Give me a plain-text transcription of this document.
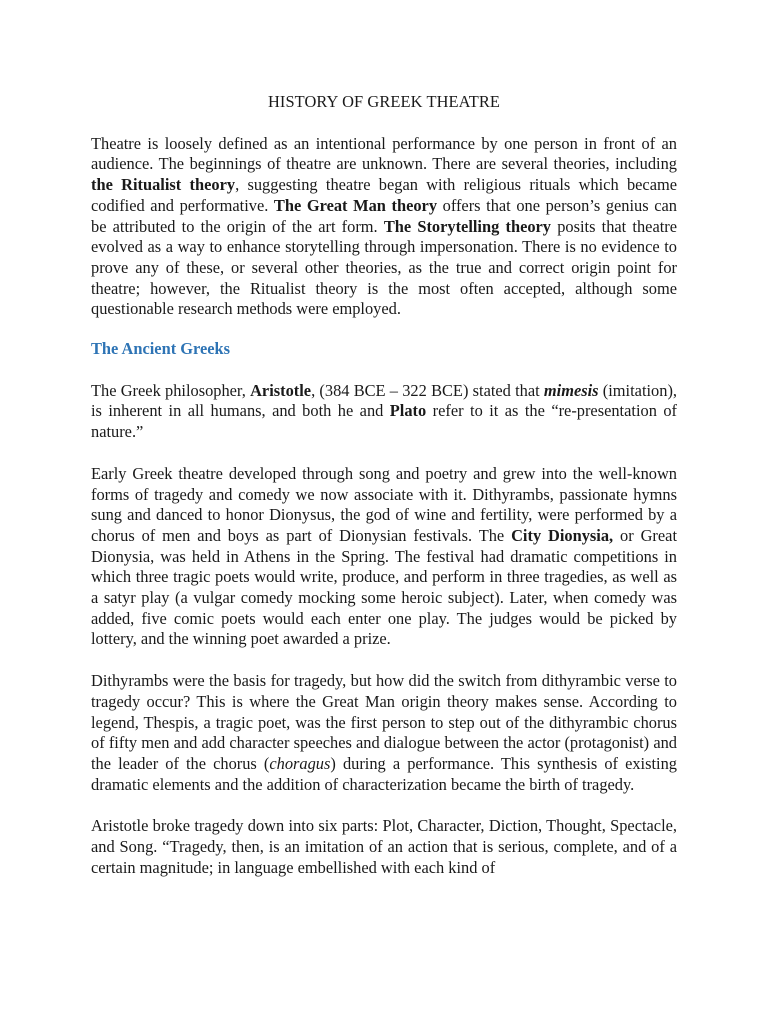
HISTORY OF GREEK THEATRE

Theatre is loosely defined as an intentional performance by one person in front of an audience. The beginnings of theatre are unknown. There are several theories, including the Ritualist theory, suggesting theatre began with religious rituals which became codified and performative. The Great Man theory offers that one person’s genius can be attributed to the origin of the art form. The Storytelling theory posits that theatre evolved as a way to enhance storytelling through impersonation. There is no evidence to prove any of these, or several other theories, as the true and correct origin point for theatre; however, the Ritualist theory is the most often accepted, although some questionable research methods were employed.

The Ancient Greeks

The Greek philosopher, Aristotle, (384 BCE – 322 BCE) stated that mimesis (imitation), is inherent in all humans, and both he and Plato refer to it as the “re-presentation of nature.”

Early Greek theatre developed through song and poetry and grew into the well-known forms of tragedy and comedy we now associate with it. Dithyrambs, passionate hymns sung and danced to honor Dionysus, the god of wine and fertility, were performed by a chorus of men and boys as part of Dionysian festivals. The City Dionysia, or Great Dionysia, was held in Athens in the Spring. The festival had dramatic competitions in which three tragic poets would write, produce, and perform in three tragedies, as well as a satyr play (a vulgar comedy mocking some heroic subject). Later, when comedy was added, five comic poets would each enter one play. The judges would be picked by lottery, and the winning poet awarded a prize.

Dithyrambs were the basis for tragedy, but how did the switch from dithyrambic verse to tragedy occur? This is where the Great Man origin theory makes sense. According to legend, Thespis, a tragic poet, was the first person to step out of the dithyrambic chorus of fifty men and add character speeches and dialogue between the actor (protagonist) and the leader of the chorus (choragus) during a performance. This synthesis of existing dramatic elements and the addition of characterization became the birth of tragedy.

Aristotle broke tragedy down into six parts: Plot, Character, Diction, Thought, Spectacle, and Song. “Tragedy, then, is an imitation of an action that is serious, complete, and of a certain magnitude; in language embellished with each kind of
